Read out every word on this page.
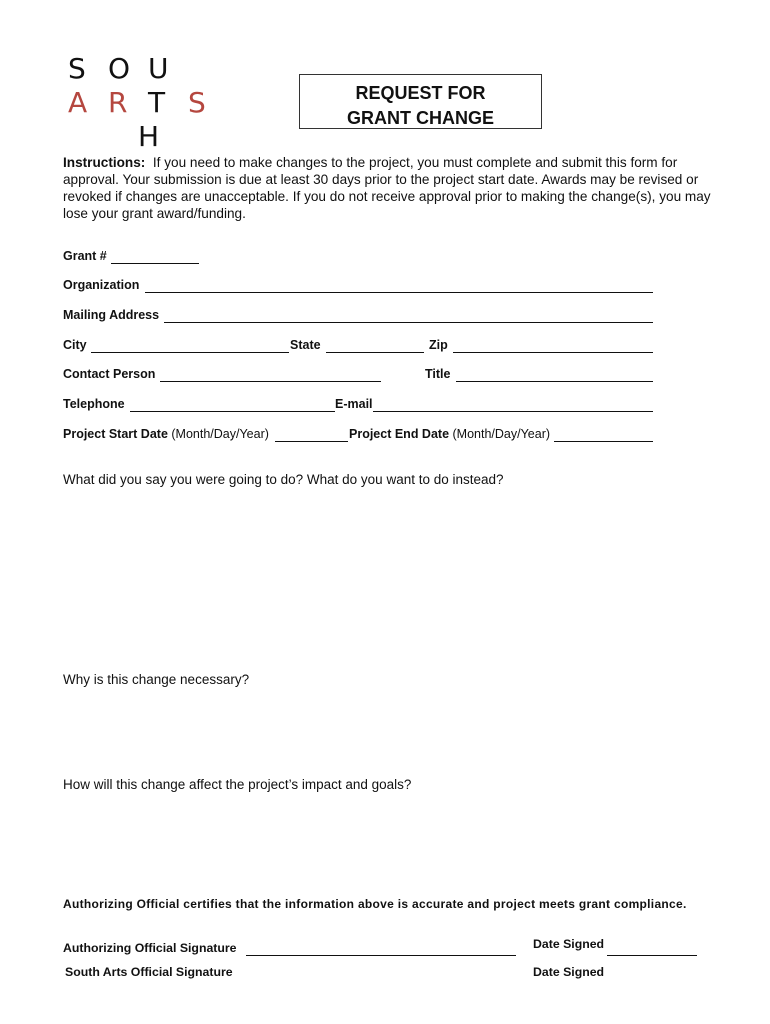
S O U
A R T S
H
REQUEST FOR
GRANT CHANGE
Instructions: If you need to make changes to the project, you must complete and submit this form for approval. Your submission is due at least 30 days prior to the project start date. Awards may be revised or revoked if changes are unacceptable. If you do not receive approval prior to making the change(s), you may lose your grant award/funding.
Grant #
Organization
Mailing Address
City	State	Zip
Contact Person	Title
Telephone	E-mail
Project Start Date (Month/Day/Year)	Project End Date (Month/Day/Year)
What did you say you were going to do? What do you want to do instead?
Why is this change necessary?
How will this change affect the project’s impact and goals?
Authorizing Official certifies that the information above is accurate and project meets grant compliance.
Authorizing Official Signature	Date Signed
South Arts Official Signature	Date Signed
